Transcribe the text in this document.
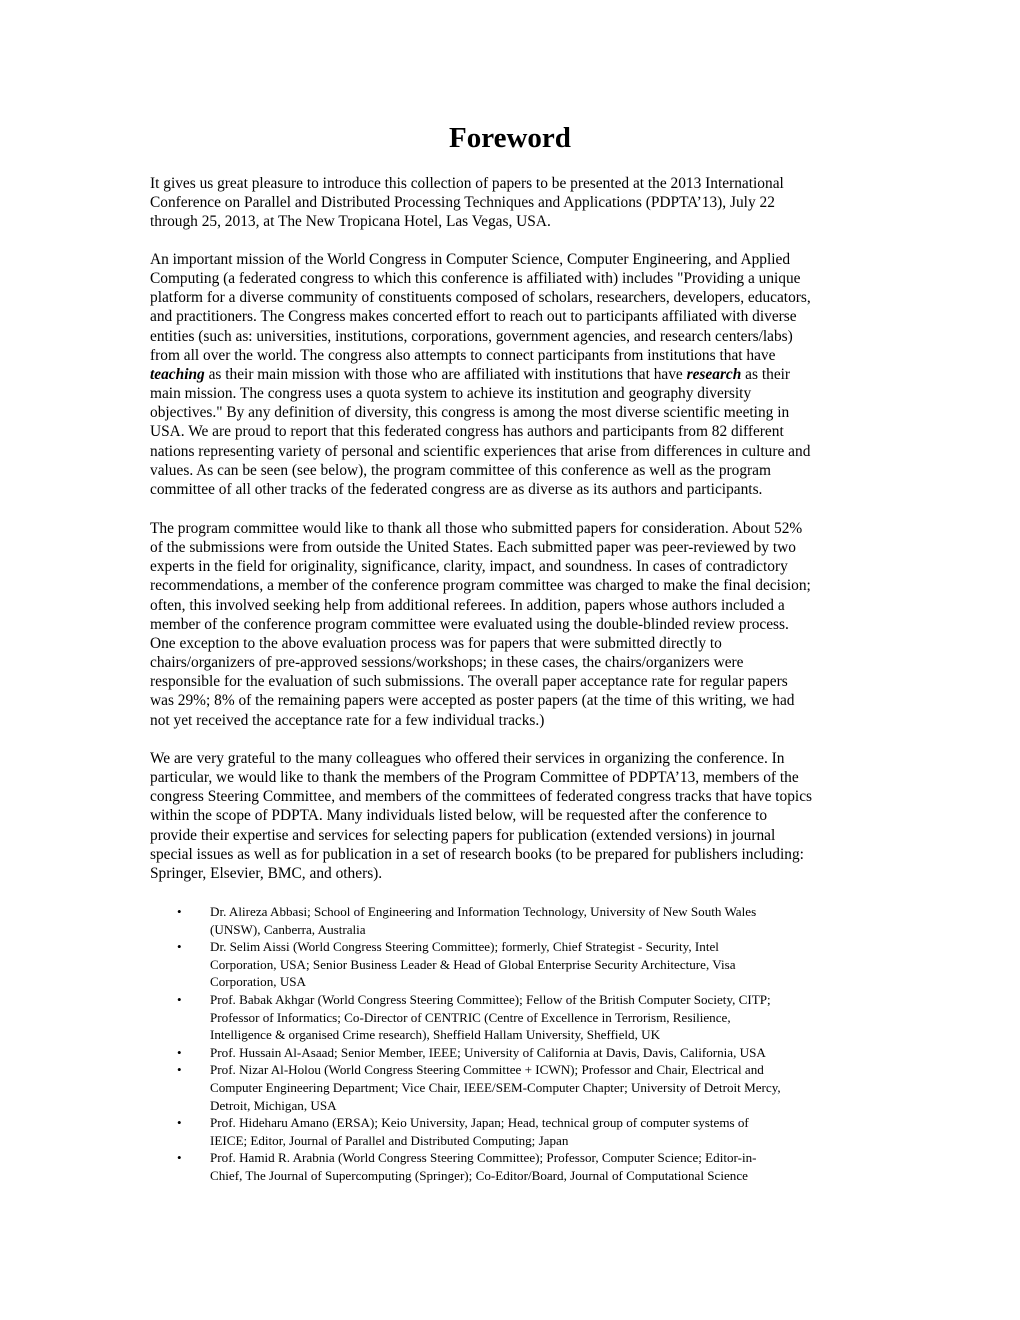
Foreword
It gives us great pleasure to introduce this collection of papers to be presented at the 2013 International
Conference on Parallel and Distributed Processing Techniques and Applications (PDPTA’13), July 22
through 25, 2013, at The New Tropicana Hotel, Las Vegas, USA.
An important mission of the World Congress in Computer Science, Computer Engineering, and Applied
Computing (a federated congress to which this conference is affiliated with) includes "Providing a unique
platform for a diverse community of constituents composed of scholars, researchers, developers, educators,
and practitioners. The Congress makes concerted effort to reach out to participants affiliated with diverse
entities (such as: universities, institutions, corporations, government agencies, and research centers/labs)
from all over the world. The congress also attempts to connect participants from institutions that have
teaching as their main mission with those who are affiliated with institutions that have research as their
main mission. The congress uses a quota system to achieve its institution and geography diversity
objectives." By any definition of diversity, this congress is among the most diverse scientific meeting in
USA. We are proud to report that this federated congress has authors and participants from 82 different
nations representing variety of personal and scientific experiences that arise from differences in culture and
values. As can be seen (see below), the program committee of this conference as well as the program
committee of all other tracks of the federated congress are as diverse as its authors and participants.
The program committee would like to thank all those who submitted papers for consideration. About 52%
of the submissions were from outside the United States. Each submitted paper was peer-reviewed by two
experts in the field for originality, significance, clarity, impact, and soundness. In cases of contradictory
recommendations, a member of the conference program committee was charged to make the final decision;
often, this involved seeking help from additional referees. In addition, papers whose authors included a
member of the conference program committee were evaluated using the double-blinded review process.
One exception to the above evaluation process was for papers that were submitted directly to
chairs/organizers of pre-approved sessions/workshops; in these cases, the chairs/organizers were
responsible for the evaluation of such submissions. The overall paper acceptance rate for regular papers
was 29%; 8% of the remaining papers were accepted as poster papers (at the time of this writing, we had
not yet received the acceptance rate for a few individual tracks.)
We are very grateful to the many colleagues who offered their services in organizing the conference. In
particular, we would like to thank the members of the Program Committee of PDPTA’13, members of the
congress Steering Committee, and members of the committees of federated congress tracks that have topics
within the scope of PDPTA. Many individuals listed below, will be requested after the conference to
provide their expertise and services for selecting papers for publication (extended versions) in journal
special issues as well as for publication in a set of research books (to be prepared for publishers including:
Springer, Elsevier, BMC, and others).
• Dr. Alireza Abbasi; School of Engineering and Information Technology, University of New South Wales
(UNSW), Canberra, Australia
• Dr. Selim Aissi (World Congress Steering Committee); formerly, Chief Strategist - Security, Intel
Corporation, USA; Senior Business Leader & Head of Global Enterprise Security Architecture, Visa
Corporation, USA
• Prof. Babak Akhgar (World Congress Steering Committee); Fellow of the British Computer Society, CITP;
Professor of Informatics; Co-Director of CENTRIC (Centre of Excellence in Terrorism, Resilience,
Intelligence & organised Crime research), Sheffield Hallam University, Sheffield, UK
• Prof. Hussain Al-Asaad; Senior Member, IEEE; University of California at Davis, Davis, California, USA
• Prof. Nizar Al-Holou (World Congress Steering Committee + ICWN); Professor and Chair, Electrical and
Computer Engineering Department; Vice Chair, IEEE/SEM-Computer Chapter; University of Detroit Mercy,
Detroit, Michigan, USA
• Prof. Hideharu Amano (ERSA); Keio University, Japan; Head, technical group of computer systems of
IEICE; Editor, Journal of Parallel and Distributed Computing; Japan
• Prof. Hamid R. Arabnia (World Congress Steering Committee); Professor, Computer Science; Editor-in-
Chief, The Journal of Supercomputing (Springer); Co-Editor/Board, Journal of Computational Science
